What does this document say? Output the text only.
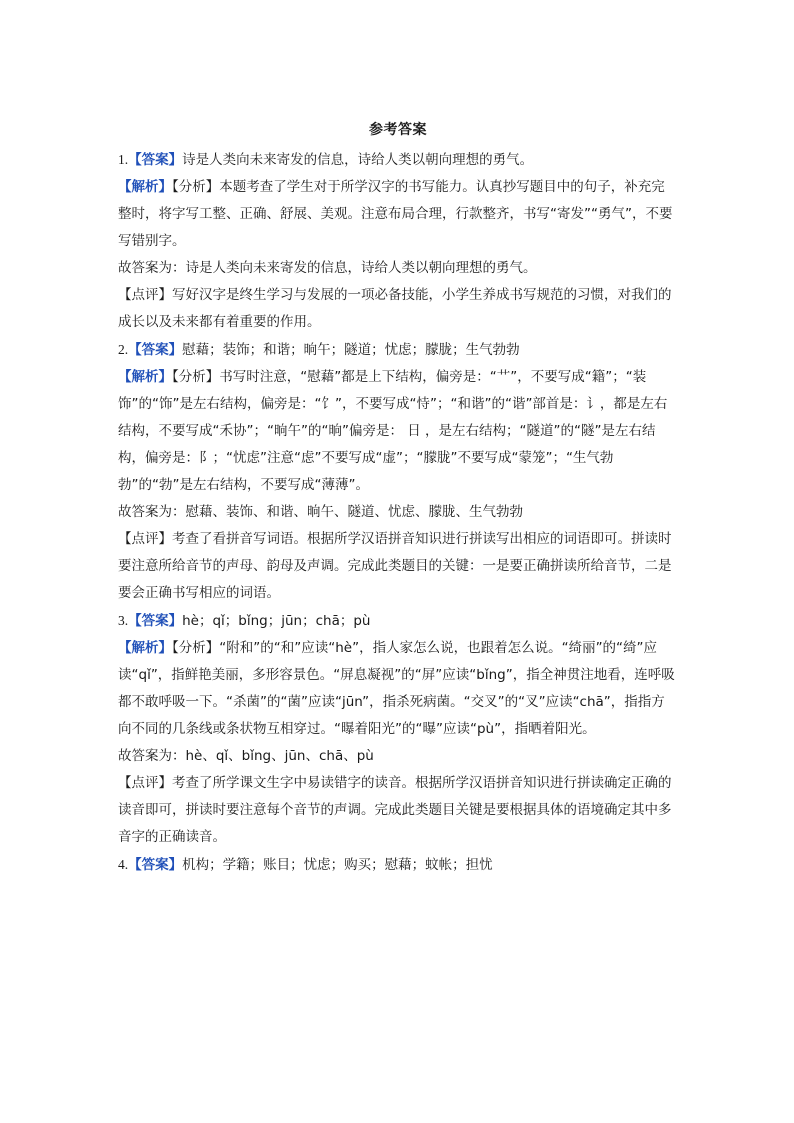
参考答案

1.【答案】诗是人类向未来寄发的信息，诗给人类以朝向理想的勇气。

【解析】【分析】本题考查了学生对于所学汉字的书写能力。认真抄写题目中的句子，补充完整时，将字写工整、正确、舒展、美观。注意布局合理，行款整齐，书写“寄发”“勇气”，不要写错别字。

故答案为：诗是人类向未来寄发的信息，诗给人类以朝向理想的勇气。

【点评】写好汉字是终生学习与发展的一项必备技能，小学生养成书写规范的习惯，对我们的成长以及未来都有着重要的作用。

2.【答案】慰藉；装饰；和谐；晌午；隧道；忧虑；朦胧；生气勃勃

【解析】【分析】书写时注意，“慰藉”都是上下结构，偏旁是：“艹”，不要写成“籍”；“装饰”的“饰”是左右结构，偏旁是：“饣”，不要写成“恃”；“和谐”的“谐”部首是：讠，都是左右结构，不要写成“禾协”；“晌午”的“晌”偏旁是： 日 ，是左右结构；“隧道”的“隧”是左右结构，偏旁是：阝；“忧虑”注意“虑”不要写成“虚”；“朦胧”不要写成“蒙笼”；“生气勃勃”的“勃”是左右结构，不要写成“薄薄”。

故答案为：慰藉、装饰、和谐、晌午、隧道、忧虑、朦胧、生气勃勃

【点评】考查了看拼音写词语。根据所学汉语拼音知识进行拼读写出相应的词语即可。拼读时要注意所给音节的声母、韵母及声调。完成此类题目的关键：一是要正确拼读所给音节，二是要会正确书写相应的词语。

3.【答案】hè；qǐ；bǐng；jūn；chā；pù

【解析】【分析】“附和”的“和”应读“hè”，指人家怎么说，也跟着怎么说。“绮丽”的“绮”应读“qǐ”，指鲜艳美丽，多形容景色。“屏息凝视”的“屏”应读“bǐng”，指全神贯注地看，连呼吸都不敢呼吸一下。“杀菌”的“菌”应读“jūn”，指杀死病菌。“交叉”的“叉”应读“chā”，指指方向不同的几条线或条状物互相穿过。“曝着阳光”的“曝”应读“pù”，指晒着阳光。

故答案为：hè、qǐ、bǐng、jūn、chā、pù

【点评】考查了所学课文生字中易读错字的读音。根据所学汉语拼音知识进行拼读确定正确的读音即可，拼读时要注意每个音节的声调。完成此类题目关键是要根据具体的语境确定其中多音字的正确读音。

4.【答案】机构；学籍；账目；忧虑；购买；慰藉；蚊帐；担忧
